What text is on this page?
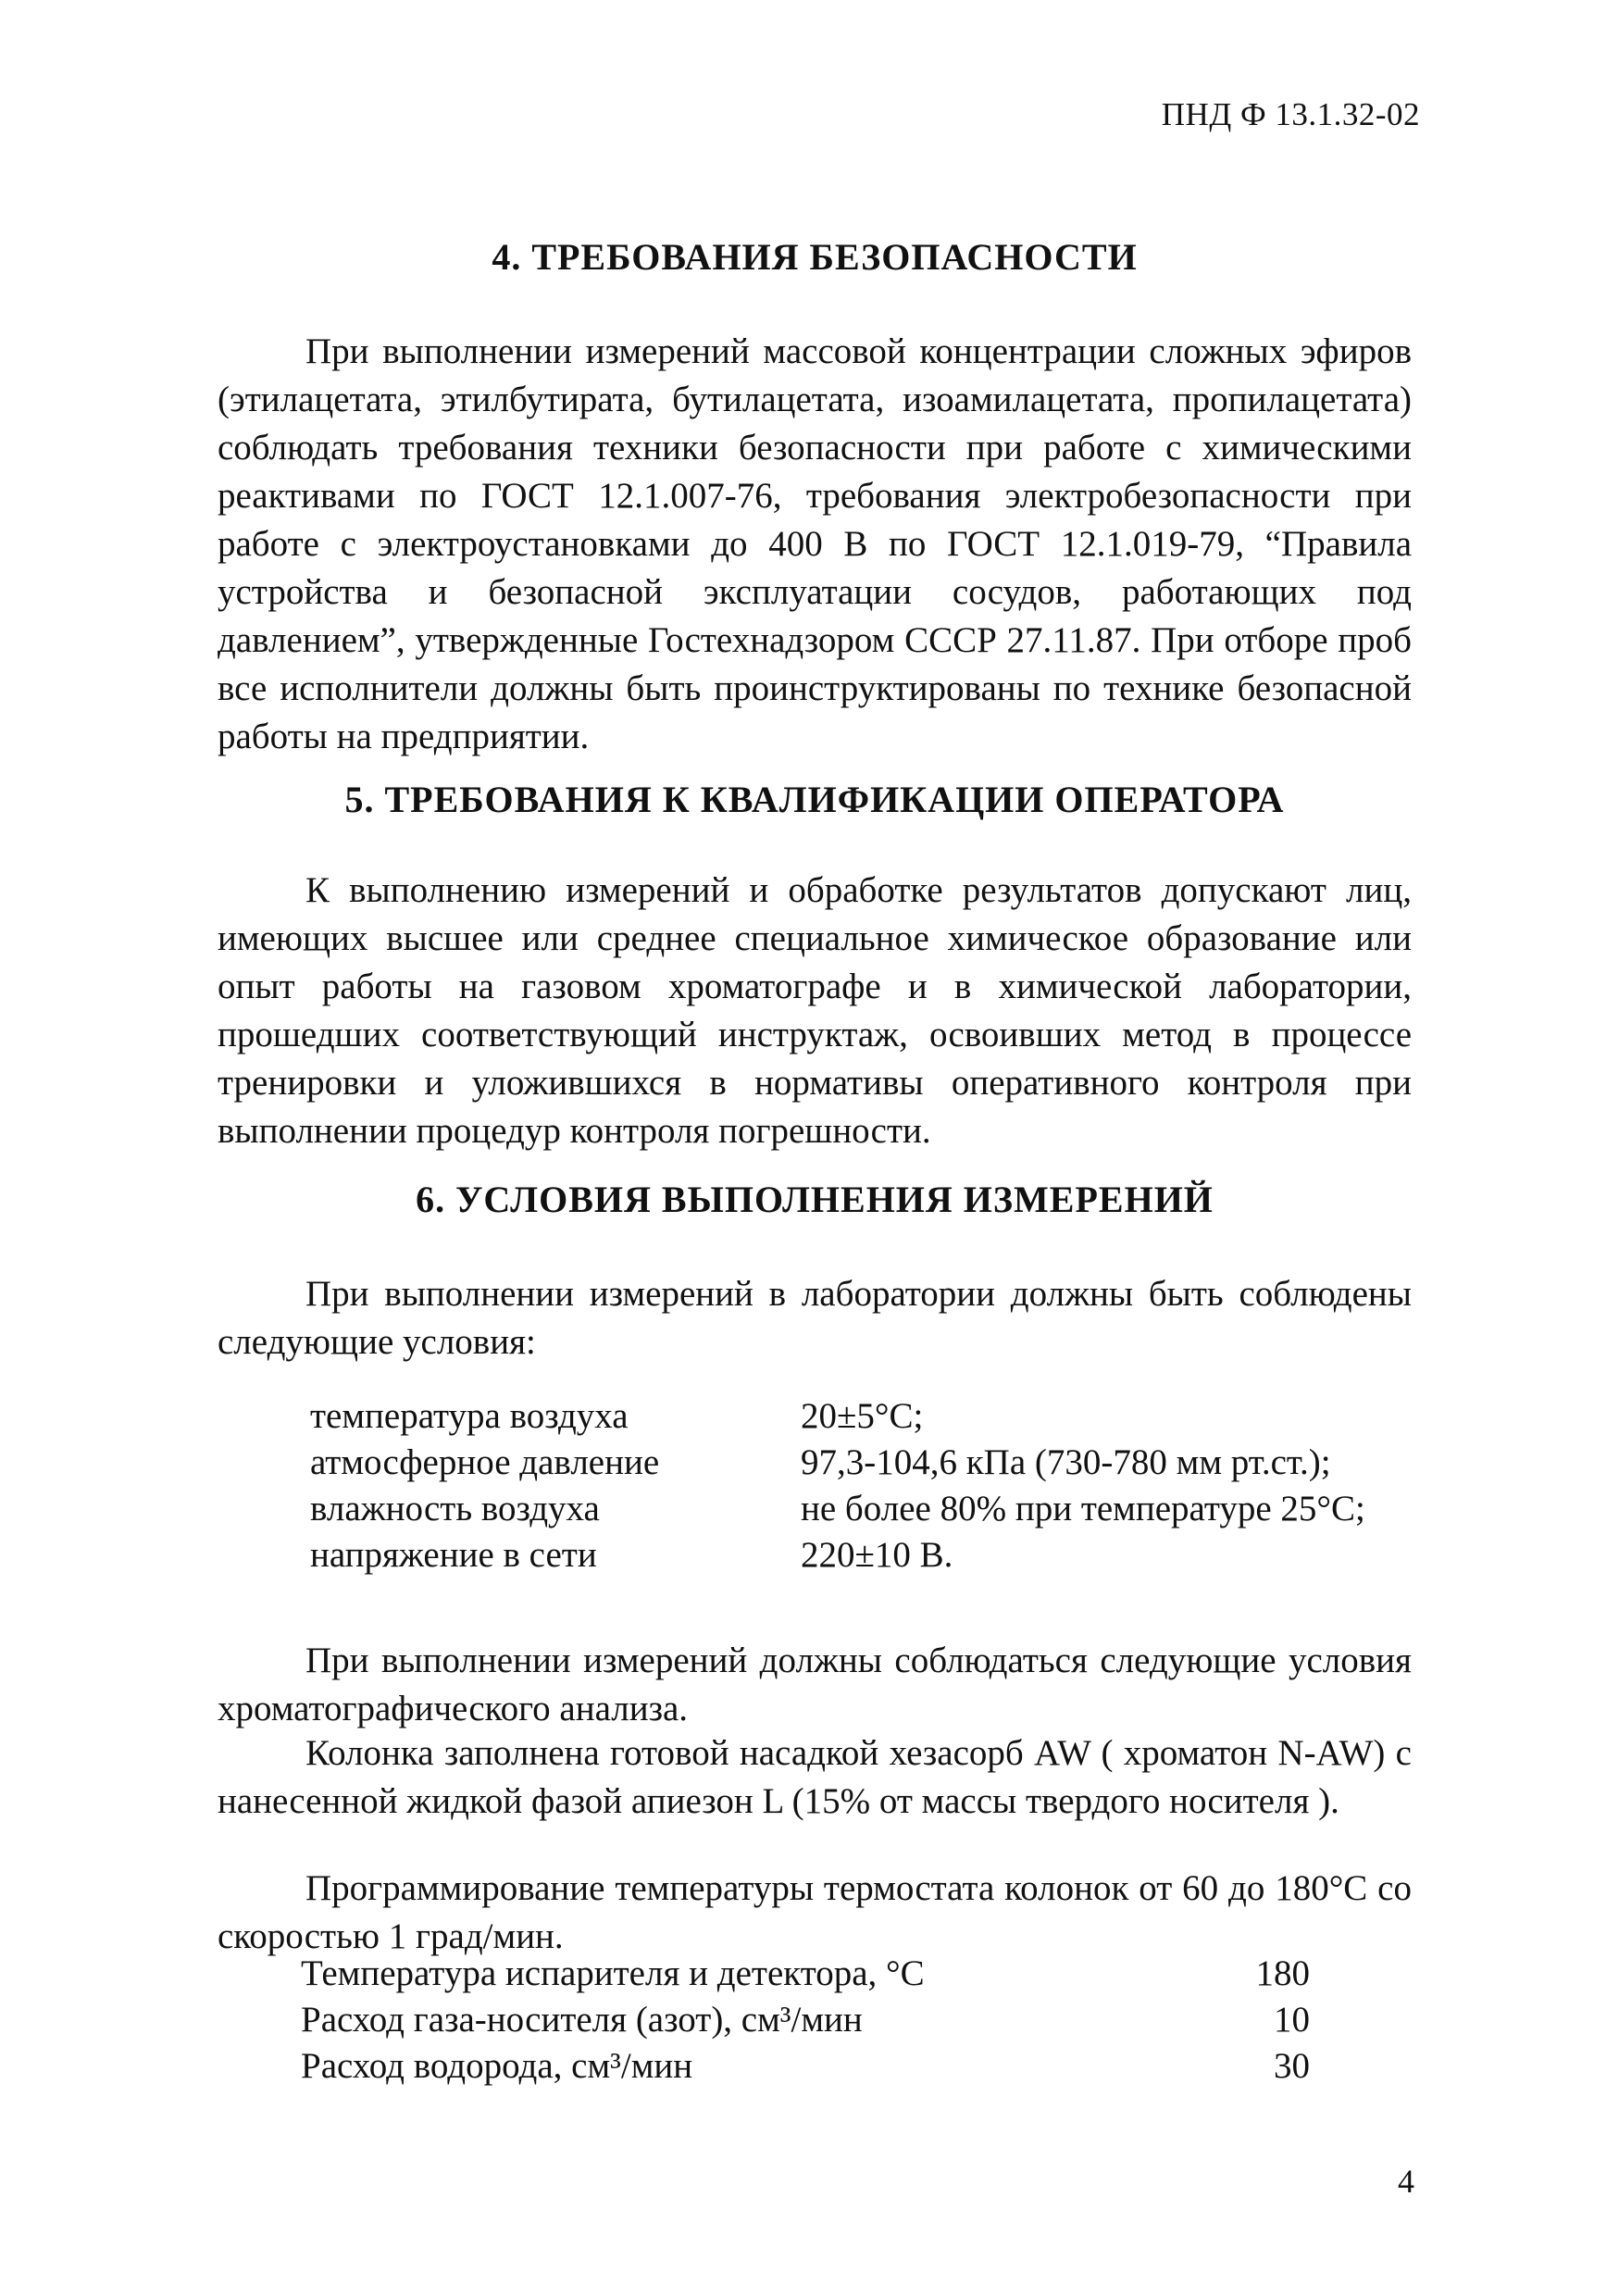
ПНД Ф 13.1.32-02
4. ТРЕБОВАНИЯ БЕЗОПАСНОСТИ

При выполнении измерений массовой концентрации сложных эфиров (этилацетата, этилбутирата, бутилацетата, изоамилацетата, пропилацетата) соблюдать требования техники безопасности при работе с химическими реактивами по ГОСТ 12.1.007-76, требования электробезопасности при работе с электроустановками до 400 В по ГОСТ 12.1.019-79, “Правила устройства и безопасной эксплуатации сосудов, работающих под давлением”, утвержденные Гостехнадзором СССР 27.11.87. При отборе проб все исполнители должны быть проинструктированы по технике безопасной работы на предприятии.

5. ТРЕБОВАНИЯ К КВАЛИФИКАЦИИ ОПЕРАТОРА

К выполнению измерений и обработке результатов допускают лиц, имеющих высшее или среднее специальное химическое образование или опыт работы на газовом хроматографе и в химической лаборатории, прошедших соответствующий инструктаж, освоивших метод в процессе тренировки и уложившихся в нормативы оперативного контроля при выполнении процедур контроля погрешности.

6. УСЛОВИЯ ВЫПОЛНЕНИЯ ИЗМЕРЕНИЙ

При выполнении измерений в лаборатории должны быть соблюдены следующие условия:

температура воздуха	20±5°С;
атмосферное давление	97,3-104,6 кПа (730-780 мм рт.ст.);
влажность воздуха	не более 80% при температуре 25°С;
напряжение в сети	220±10 В.

При выполнении измерений должны соблюдаться следующие условия хроматографического анализа.

Колонка заполнена готовой насадкой хезасорб AW ( хроматон N-AW) с нанесенной жидкой фазой апиезон L (15% от массы твердого носителя ).

Программирование температуры термостата колонок от 60 до 180°С со скоростью 1 град/мин.

Температура испарителя и детектора, °С	180
Расход газа-носителя (азот), см³/мин	10
Расход водорода, см³/мин	30
4
